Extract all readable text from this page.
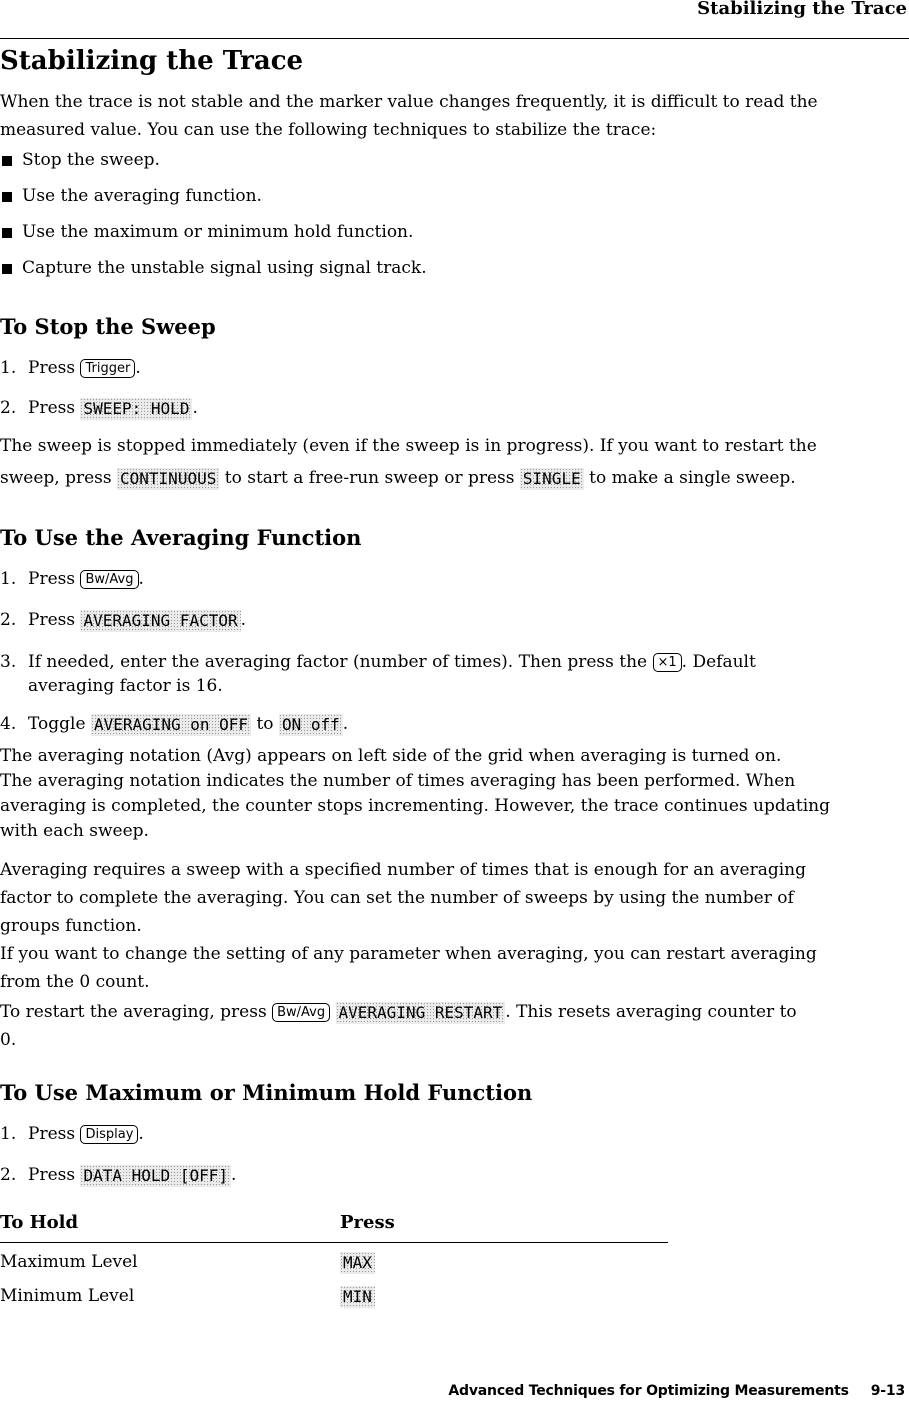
Stabilizing the Trace
Stabilizing the Trace

When the trace is not stable and the marker value changes frequently, it is difficult to read the

measured value. You can use the following techniques to stabilize the trace:

Stop the sweep.
Use the averaging function.
Use the maximum or minimum hold function.
Capture the unstable signal using signal track.
To Stop the Sweep
1. Press Trigger .
2. Press SWEEP: HOLD .

The sweep is stopped immediately (even if the sweep is in progress). If you want to restart the

sweep, press CONTINUOUS to start a free-run sweep or press SINGLE to make a single sweep.

To Use the Averaging Function
1. Press Bw/Avg .
2. Press AVERAGING FACTOR .
3. If needed, enter the averaging factor (number of times). Then press the ×1 . Default
averaging factor is 16.
4. Toggle AVERAGING on OFF to ON off .

The averaging notation (Avg) appears on left side of the grid when averaging is turned on.

The averaging notation indicates the number of times averaging has been performed. When

averaging is completed, the counter stops incrementing. However, the trace continues updating

with each sweep.

Averaging requires a sweep with a specified number of times that is enough for an averaging

factor to complete the averaging. You can set the number of sweeps by using the number of

groups function.

If you want to change the setting of any parameter when averaging, you can restart averaging

from the 0 count.

To restart the averaging, press Bw/Avg AVERAGING RESTART . This resets averaging counter to

0.

To Use Maximum or Minimum Hold Function
1. Press Display .
2. Press DATA HOLD [OFF] .
To Hold	Press
Maximum Level	MAX
Minimum Level	MIN
Advanced Techniques for Optimizing Measurements 9-13
